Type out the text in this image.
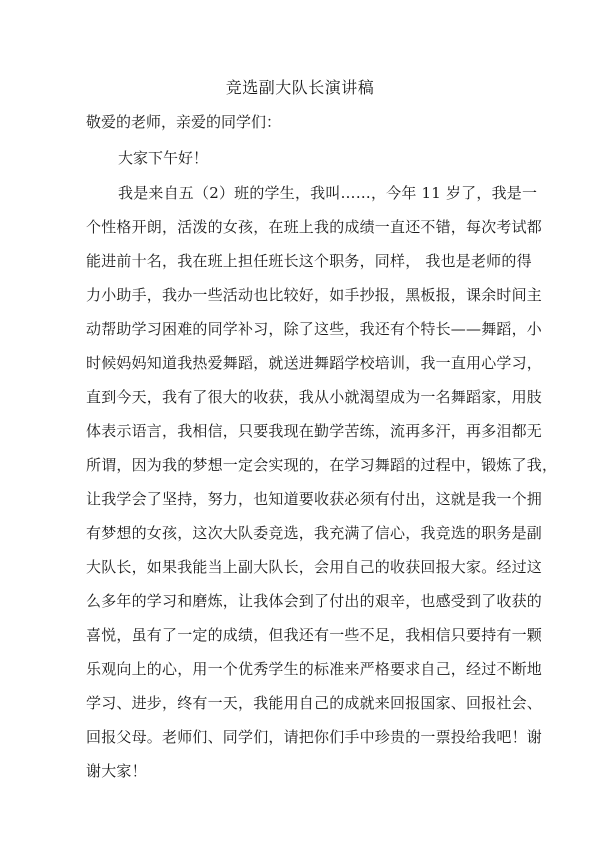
竞选副大队长演讲稿
敬爱的老师，亲爱的同学们：
大家下午好！
我是来自五（2）班的学生，我叫……，今年 11 岁了，我是一
个性格开朗，活泼的女孩，在班上我的成绩一直还不错，每次考试都
能进前十名，我在班上担任班长这个职务，同样， 我也是老师的得
力小助手，我办一些活动也比较好，如手抄报，黑板报，课余时间主
动帮助学习困难的同学补习，除了这些，我还有个特长——舞蹈，小
时候妈妈知道我热爱舞蹈，就送进舞蹈学校培训，我一直用心学习，
直到今天，我有了很大的收获，我从小就渴望成为一名舞蹈家，用肢
体表示语言，我相信，只要我现在勤学苦练，流再多汗，再多泪都无
所谓，因为我的梦想一定会实现的，在学习舞蹈的过程中，锻炼了我，
让我学会了坚持，努力，也知道要收获必须有付出，这就是我一个拥
有梦想的女孩，这次大队委竞选，我充满了信心，我竞选的职务是副
大队长，如果我能当上副大队长，会用自己的收获回报大家。经过这
么多年的学习和磨炼，让我体会到了付出的艰辛，也感受到了收获的
喜悦，虽有了一定的成绩，但我还有一些不足，我相信只要持有一颗
乐观向上的心，用一个优秀学生的标准来严格要求自己，经过不断地
学习、进步，终有一天，我能用自己的成就来回报国家、回报社会、
回报父母。老师们、同学们，请把你们手中珍贵的一票投给我吧！谢
谢大家！
